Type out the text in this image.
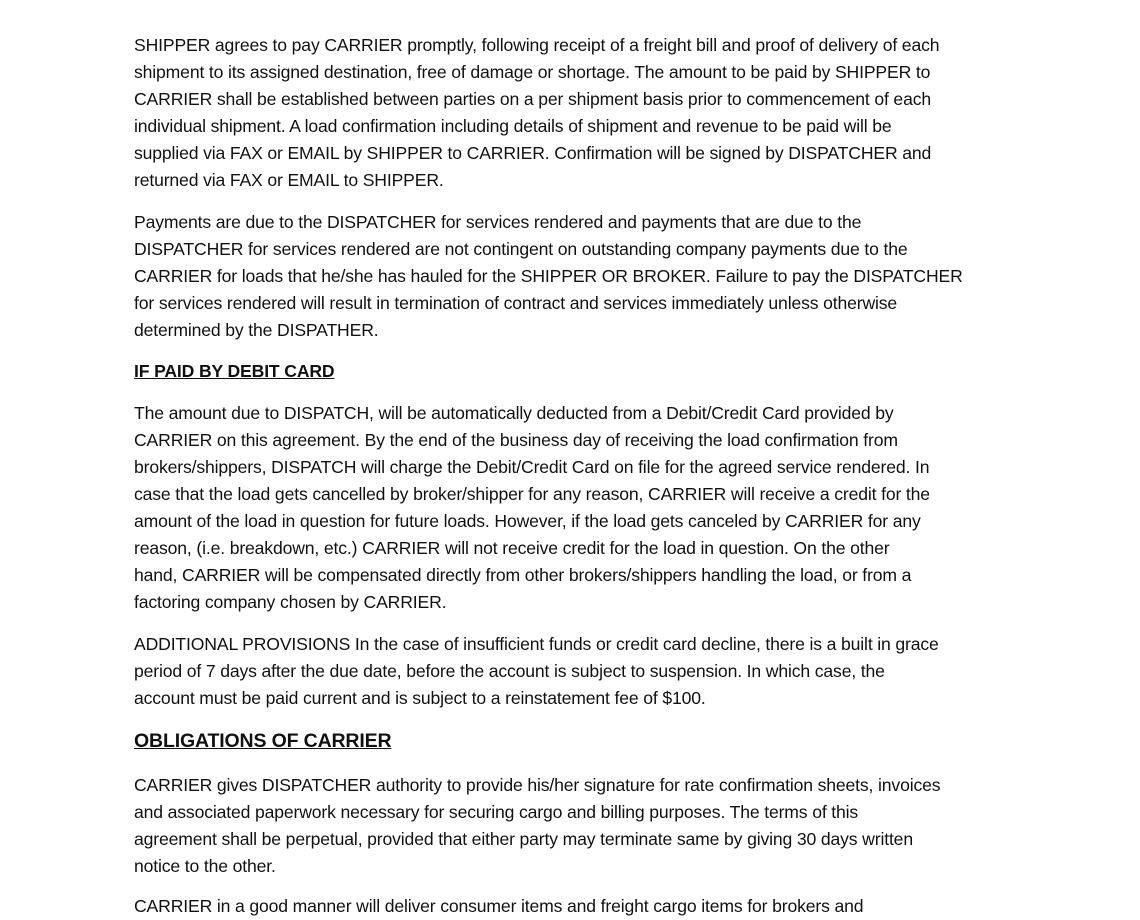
SHIPPER agrees to pay CARRIER promptly, following receipt of a freight bill and proof of delivery of each
shipment to its assigned destination, free of damage or shortage. The amount to be paid by SHIPPER to
CARRIER shall be established between parties on a per shipment basis prior to commencement of each
individual shipment. A load confirmation including details of shipment and revenue to be paid will be
supplied via FAX or EMAIL by SHIPPER to CARRIER. Confirmation will be signed by DISPATCHER and
returned via FAX or EMAIL to SHIPPER.
Payments are due to the DISPATCHER for services rendered and payments that are due to the
DISPATCHER for services rendered are not contingent on outstanding company payments due to the
CARRIER for loads that he/she has hauled for the SHIPPER OR BROKER. Failure to pay the DISPATCHER
for services rendered will result in termination of contract and services immediately unless otherwise
determined by the DISPATHER.
IF PAID BY DEBIT CARD
The amount due to DISPATCH, will be automatically deducted from a Debit/Credit Card provided by
CARRIER on this agreement. By the end of the business day of receiving the load confirmation from
brokers/shippers, DISPATCH will charge the Debit/Credit Card on file for the agreed service rendered. In
case that the load gets cancelled by broker/shipper for any reason, CARRIER will receive a credit for the
amount of the load in question for future loads. However, if the load gets canceled by CARRIER for any
reason, (i.e. breakdown, etc.) CARRIER will not receive credit for the load in question. On the other
hand, CARRIER will be compensated directly from other brokers/shippers handling the load, or from a
factoring company chosen by CARRIER.
ADDITIONAL PROVISIONS In the case of insufficient funds or credit card decline, there is a built in grace
period of 7 days after the due date, before the account is subject to suspension. In which case, the
account must be paid current and is subject to a reinstatement fee of $100.
OBLIGATIONS OF CARRIER
CARRIER gives DISPATCHER authority to provide his/her signature for rate confirmation sheets, invoices
and associated paperwork necessary for securing cargo and billing purposes. The terms of this
agreement shall be perpetual, provided that either party may terminate same by giving 30 days written
notice to the other.
CARRIER in a good manner will deliver consumer items and freight cargo items for brokers and
